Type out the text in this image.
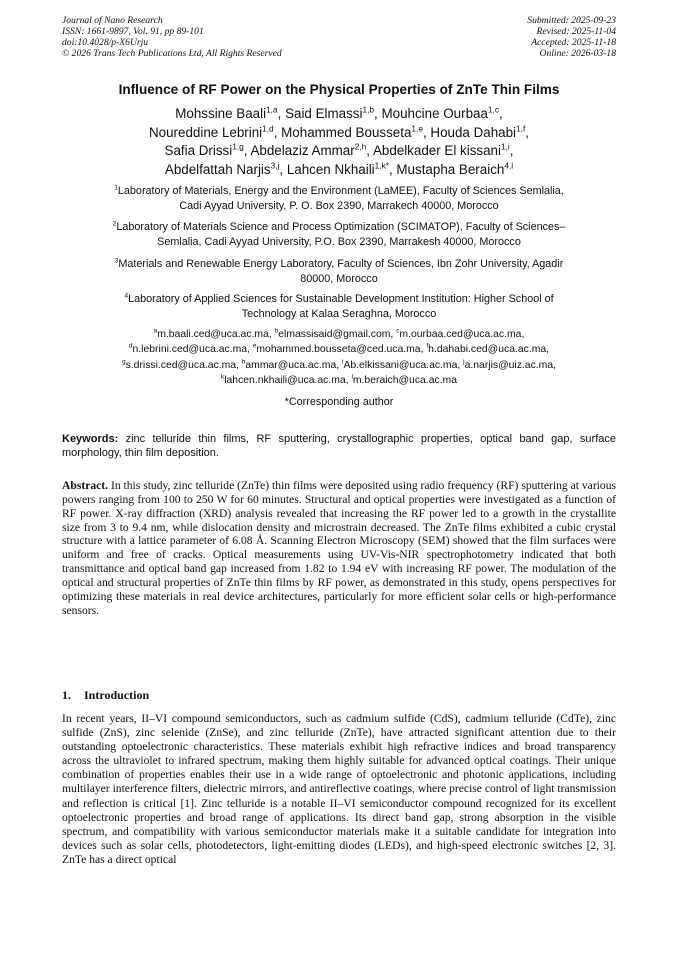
Journal of Nano Research
ISSN: 1661-9897, Vol. 91, pp 89-101
doi:10.4028/p-X6Urju
© 2026 Trans Tech Publications Ltd, All Rights Reserved
Submitted: 2025-09-23
Revised: 2025-11-04
Accepted: 2025-11-18
Online: 2026-03-18
Influence of RF Power on the Physical Properties of ZnTe Thin Films
Mohssine Baali$^{1,a}$, Said Elmassi$^{1,b}$, Mouhcine Ourbaa$^{1,c}$,
Noureddine Lebrini$^{1,d}$, Mohammed Bousseta$^{1,e}$, Houda Dahabi$^{1,f}$,
Safia Drissi$^{1,g}$, Abdelaziz Ammar$^{2,h}$, Abdelkader El kissani$^{1,i}$,
Abdelfattah Narjis$^{3,j}$, Lahcen Nkhaili$^{1,k*}$, Mustapha Beraich$^{4,l}$
$^1$Laboratory of Materials, Energy and the Environment (LaMEE), Faculty of Sciences Semlalia,
Cadi Ayyad University, P. O. Box 2390, Marrakech 40000, Morocco
$^2$Laboratory of Materials Science and Process Optimization (SCIMATOP), Faculty of Sciences–
Semlalia, Cadi Ayyad University, P.O. Box 2390, Marrakesh 40000, Morocco
$^3$Materials and Renewable Energy Laboratory, Faculty of Sciences, Ibn Zohr University, Agadir
80000, Morocco
$^4$Laboratory of Applied Sciences for Sustainable Development Institution: Higher School of
Technology at Kalaa Seraghna, Morocco
$^a$m.baali.ced@uca.ac.ma, $^b$elmassisaid@gmail.com, $^c$m.ourbaa.ced@uca.ac.ma,
$^d$n.lebrini.ced@uca.ac.ma, $^e$mohammed.bousseta@ced.uca.ma, $^f$h.dahabi.ced@uca.ac.ma,
$^g$s.drissi.ced@uca.ac.ma, $^h$ammar@uca.ac.ma, $^i$Ab.elkissani@uca.ac.ma, $^j$a.narjis@uiz.ac.ma,
$^k$lahcen.nkhaili@uca.ac.ma, $^l$m.beraich@uca.ac.ma
*Corresponding author
Keywords: zinc telluride thin films, RF sputtering, crystallographic properties, optical band gap, surface morphology, thin film deposition.
Abstract. In this study, zinc telluride (ZnTe) thin films were deposited using radio frequency (RF) sputtering at various powers ranging from 100 to 250 W for 60 minutes. Structural and optical properties were investigated as a function of RF power. X-ray diffraction (XRD) analysis revealed that increasing the RF power led to a growth in the crystallite size from 3 to 9.4 nm, while dislocation density and microstrain decreased. The ZnTe films exhibited a cubic crystal structure with a lattice parameter of 6.08 Å. Scanning Electron Microscopy (SEM) showed that the film surfaces were uniform and free of cracks. Optical measurements using UV-Vis-NIR spectrophotometry indicated that both transmittance and optical band gap increased from 1.82 to 1.94 eV with increasing RF power. The modulation of the optical and structural properties of ZnTe thin films by RF power, as demonstrated in this study, opens perspectives for optimizing these materials in real device architectures, particularly for more efficient solar cells or high-performance sensors.
1. Introduction
In recent years, II–VI compound semiconductors, such as cadmium sulfide (CdS), cadmium telluride (CdTe), zinc sulfide (ZnS), zinc selenide (ZnSe), and zinc telluride (ZnTe), have attracted significant attention due to their outstanding optoelectronic characteristics. These materials exhibit high refractive indices and broad transparency across the ultraviolet to infrared spectrum, making them highly suitable for advanced optical coatings. Their unique combination of properties enables their use in a wide range of optoelectronic and photonic applications, including multilayer interference filters, dielectric mirrors, and antireflective coatings, where precise control of light transmission and reflection is critical [1]. Zinc telluride is a notable II–VI semiconductor compound recognized for its excellent optoelectronic properties and broad range of applications. Its direct band gap, strong absorption in the visible spectrum, and compatibility with various semiconductor materials make it a suitable candidate for integration into devices such as solar cells, photodetectors, light-emitting diodes (LEDs), and high-speed electronic switches [2, 3]. ZnTe has a direct optical
